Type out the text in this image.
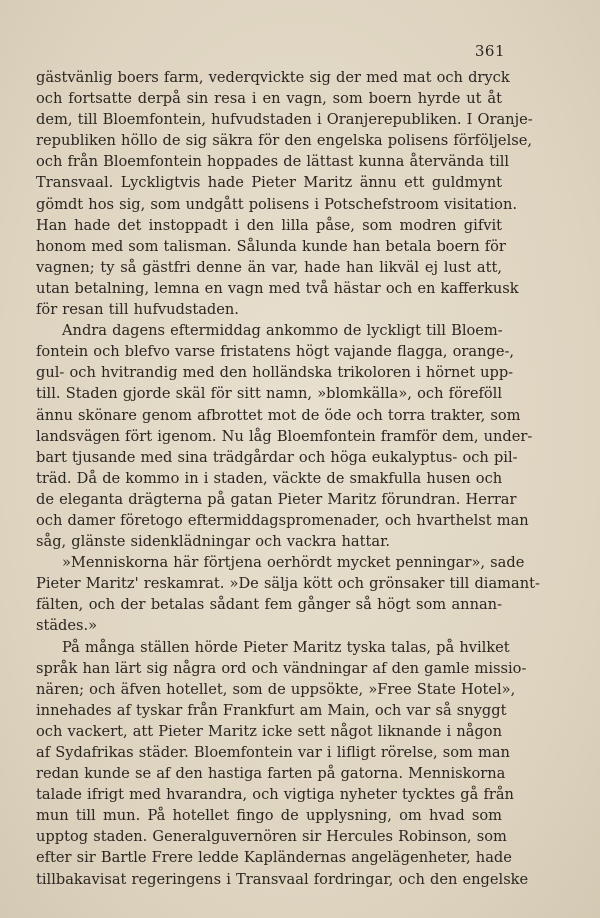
361
gästvänlig boers farm, vederqvickte sig der med mat och dryck
och fortsatte derpå sin resa i en vagn, som boern hyrde ut åt
dem, till Bloemfontein, hufvudstaden i Oranjerepubliken. I Oranje-
republiken höllo de sig säkra för den engelska polisens förföljelse,
och från Bloemfontein hoppades de lättast kunna återvända till
Transvaal. Lyckligtvis hade Pieter Maritz ännu ett guldmynt
gömdt hos sig, som undgått polisens i Potschefstroom visitation.
Han hade det instoppadt i den lilla påse, som modren gifvit
honom med som talisman. Sålunda kunde han betala boern för
vagnen; ty så gästfri denne än var, hade han likväl ej lust att,
utan betalning, lemna en vagn med två hästar och en kafferkusk
för resan till hufvudstaden.
Andra dagens eftermiddag ankommo de lyckligt till Bloem-
fontein och blefvo varse fristatens högt vajande flagga, orange-,
gul- och hvitrandig med den holländska trikoloren i hörnet upp-
till. Staden gjorde skäl för sitt namn, »blomkälla», och föreföll
ännu skönare genom afbrottet mot de öde och torra trakter, som
landsvägen fört igenom. Nu låg Bloemfontein framför dem, under-
bart tjusande med sina trädgårdar och höga eukalyptus- och pil-
träd. Då de kommo in i staden, väckte de smakfulla husen och
de eleganta drägterna på gatan Pieter Maritz förundran. Herrar
och damer företogo eftermiddagspromenader, och hvarthelst man
såg, glänste sidenklädningar och vackra hattar.
»Menniskorna här förtjena oerhördt mycket penningar», sade
Pieter Maritz' reskamrat. »De sälja kött och grönsaker till diamant-
fälten, och der betalas sådant fem gånger så högt som annan-
städes.»
På många ställen hörde Pieter Maritz tyska talas, på hvilket
språk han lärt sig några ord och vändningar af den gamle missio-
nären; och äfven hotellet, som de uppsökte, »Free State Hotel»,
innehades af tyskar från Frankfurt am Main, och var så snyggt
och vackert, att Pieter Maritz icke sett något liknande i någon
af Sydafrikas städer. Bloemfontein var i lifligt rörelse, som man
redan kunde se af den hastiga farten på gatorna. Menniskorna
talade ifrigt med hvarandra, och vigtiga nyheter tycktes gå från
mun till mun. På hotellet fingo de upplysning, om hvad som
upptog staden. Generalguvernören sir Hercules Robinson, som
efter sir Bartle Frere ledde Kapländernas angelägenheter, hade
tillbakavisat regeringens i Transvaal fordringar, och den engelske
